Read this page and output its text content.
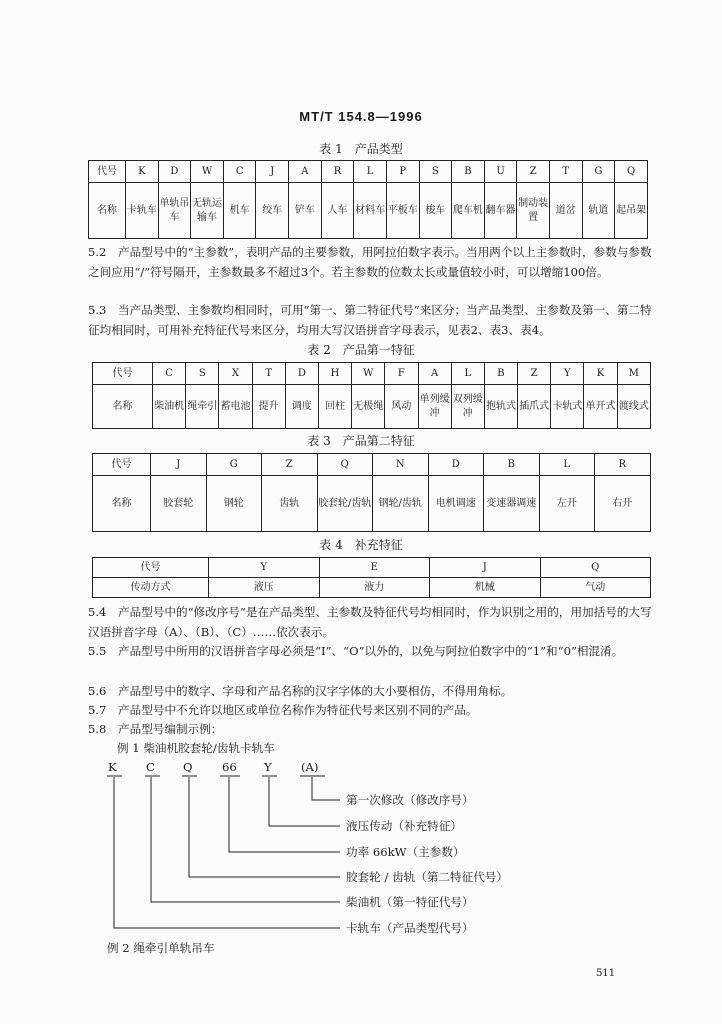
MT/T 154.8—1996
表 1　产品类型
代号	K	D	W	C	J	A	R	L	P	S	B	U	Z	T	G	Q
名称	卡轨车	单轨吊车	无轨运输车	机车	绞车	铲车	人车	材料车	平板车	梭车	爬车机	翻车器	制动装置	道岔	轨道	起吊架
5.2　产品型号中的“主参数”，表明产品的主要参数，用阿拉伯数字表示。当用两个以上主参数时，参数与参数之间应用“/”符号隔开，主参数最多不超过3个。若主参数的位数太长或量值较小时，可以增缩100倍。
5.3　当产品类型、主参数均相同时，可用“第一、第二特征代号”来区分；当产品类型、主参数及第一、第二特征均相同时，可用补充特征代号来区分，均用大写汉语拼音字母表示，见表2、表3、表4。
表 2　产品第一特征
代号	C	S	X	T	D	H	W	F	A	L	B	Z	Y	K	M
名称	柴油机	绳牵引	蓄电池	提升	调度	回柱	无极绳	风动	单列缓冲	双列缓冲	抱轨式	插爪式	卡轨式	单开式	渡线式
表 3　产品第二特征
代号	J	G	Z	Q	N	D	B	L	R
名称	胶套轮	钢轮	齿轨	胶套轮/齿轨	钢轮/齿轨	电机调速	变速器调速	左开	右开
表 4　补充特征
代号	Y	E	J	Q
传动方式	液压	液力	机械	气动
5.4　产品型号中的“修改序号”是在产品类型、主参数及特征代号均相同时，作为识别之用的，用加括号的大写汉语拼音字母（A）、（B）、（C）……依次表示。
5.5　产品型号中所用的汉语拼音字母必须是“I”、“O”以外的，以免与阿拉伯数字中的“1”和“0”相混淆。
5.6　产品型号中的数字、字母和产品名称的汉字字体的大小要相仿，不得用角标。
5.7　产品型号中不允许以地区或单位名称作为特征代号来区别不同的产品。
5.8　产品型号编制示例：
例 1 柴油机胶套轮/齿轨卡轨车
K	C Q	66 Y	(A)
第一次修改（修改序号）
液压传动（补充特征）
功率 66kW（主参数）
胶套轮 / 齿轨（第二特征代号）
柴油机（第一特征代号）
卡轨车（产品类型代号）
例 2 绳牵引单轨吊车
511
